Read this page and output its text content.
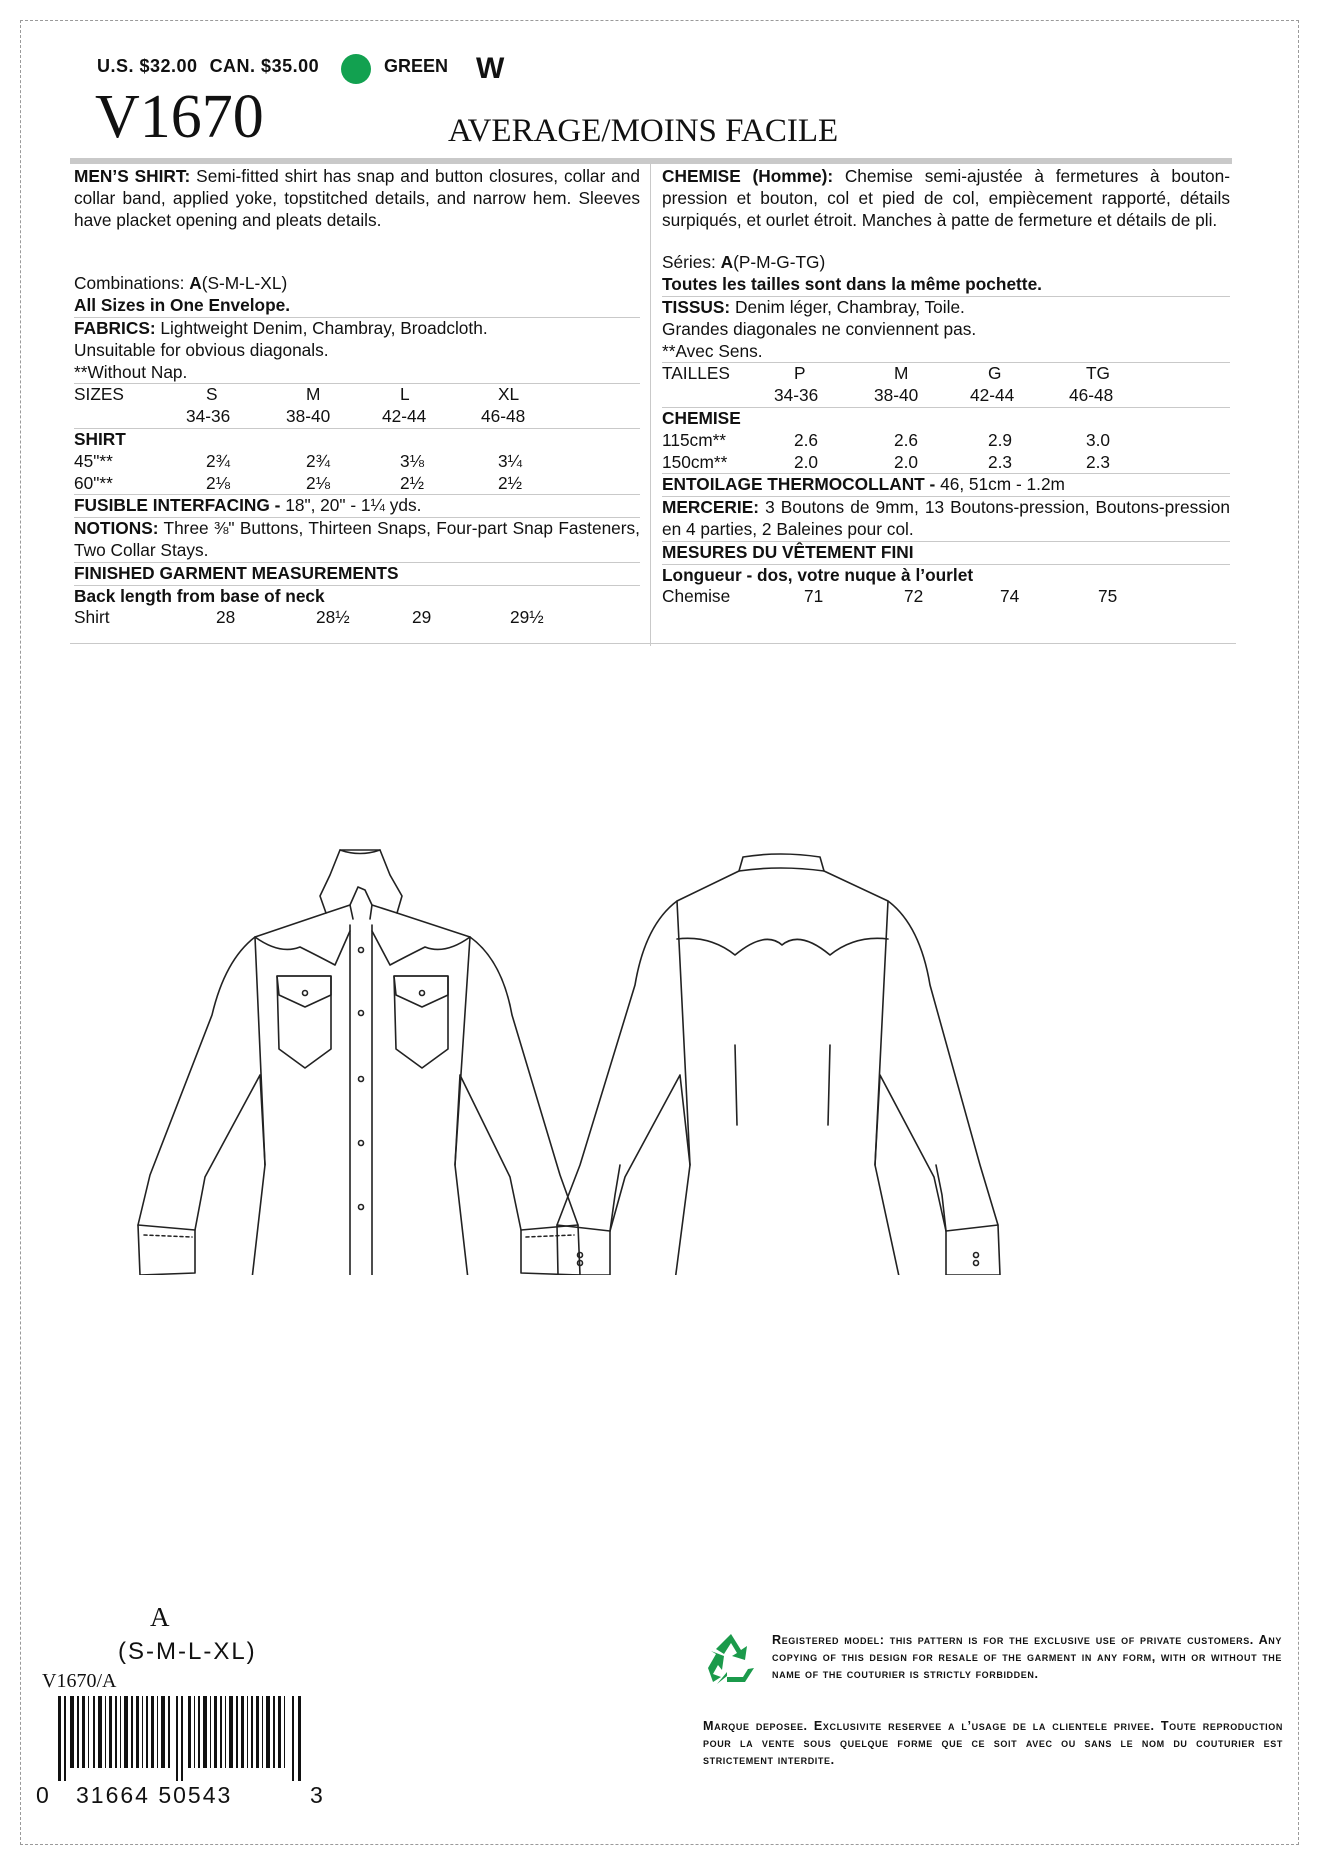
U.S. $32.00 CAN. $35.00	GREEN W
V1670	AVERAGE/MOINS FACILE

MEN’S SHIRT: Semi-fitted shirt has snap and button closures, collar and collar band, applied yoke, topstitched details, and narrow hem. Sleeves have placket opening and pleats details.

Combinations: A(S-M-L-XL)
All Sizes in One Envelope.
FABRICS: Lightweight Denim, Chambray, Broadcloth.
Unsuitable for obvious diagonals.
**Without Nap.
SIZES	S	M	L	XL
34-36	38-40	42-44	46-48
SHIRT
45"**	2¾	2¾	3⅛	3¼
60"**	2⅛	2⅛	2½	2½
FUSIBLE INTERFACING - 18", 20" - 1¼ yds.
NOTIONS: Three ⅜" Buttons, Thirteen Snaps, Four-part Snap Fasteners, Two Collar Stays.
FINISHED GARMENT MEASUREMENTS
Back length from base of neck
Shirt	28	28½	29	29½

CHEMISE (Homme): Chemise semi-ajustée à fermetures à bouton-pression et bouton, col et pied de col, empiècement rapporté, détails surpiqués, et ourlet étroit. Manches à patte de fermeture et détails de pli.

Séries: A(P-M-G-TG)
Toutes les tailles sont dans la même pochette.
TISSUS: Denim léger, Chambray, Toile.
Grandes diagonales ne conviennent pas.
**Avec Sens.
TAILLES	P	M	G	TG
34-36	38-40	42-44	46-48
CHEMISE
115cm**	2.6	2.6	2.9	3.0
150cm**	2.0	2.0	2.3	2.3
ENTOILAGE THERMOCOLLANT - 46, 51cm - 1.2m
MERCERIE: 3 Boutons de 9mm, 13 Boutons-pression, Boutons-pression en 4 parties, 2 Baleines pour col.
MESURES DU VÊTEMENT FINI
Longueur - dos, votre nuque à l’ourlet
Chemise	71	72	74	75
A
(S-M-L-XL)
V1670/A
0 31664 50543	3
Registered model: this pattern is for the exclusive use of private customers. Any copying of this design for resale of the garment in any form, with or without the name of the couturier is strictly forbidden.
Marque deposee. Exclusivite reservee a l’usage de la clientele privee. Toute reproduction pour la vente sous quelque forme que ce soit avec ou sans le nom du couturier est strictement interdite.
